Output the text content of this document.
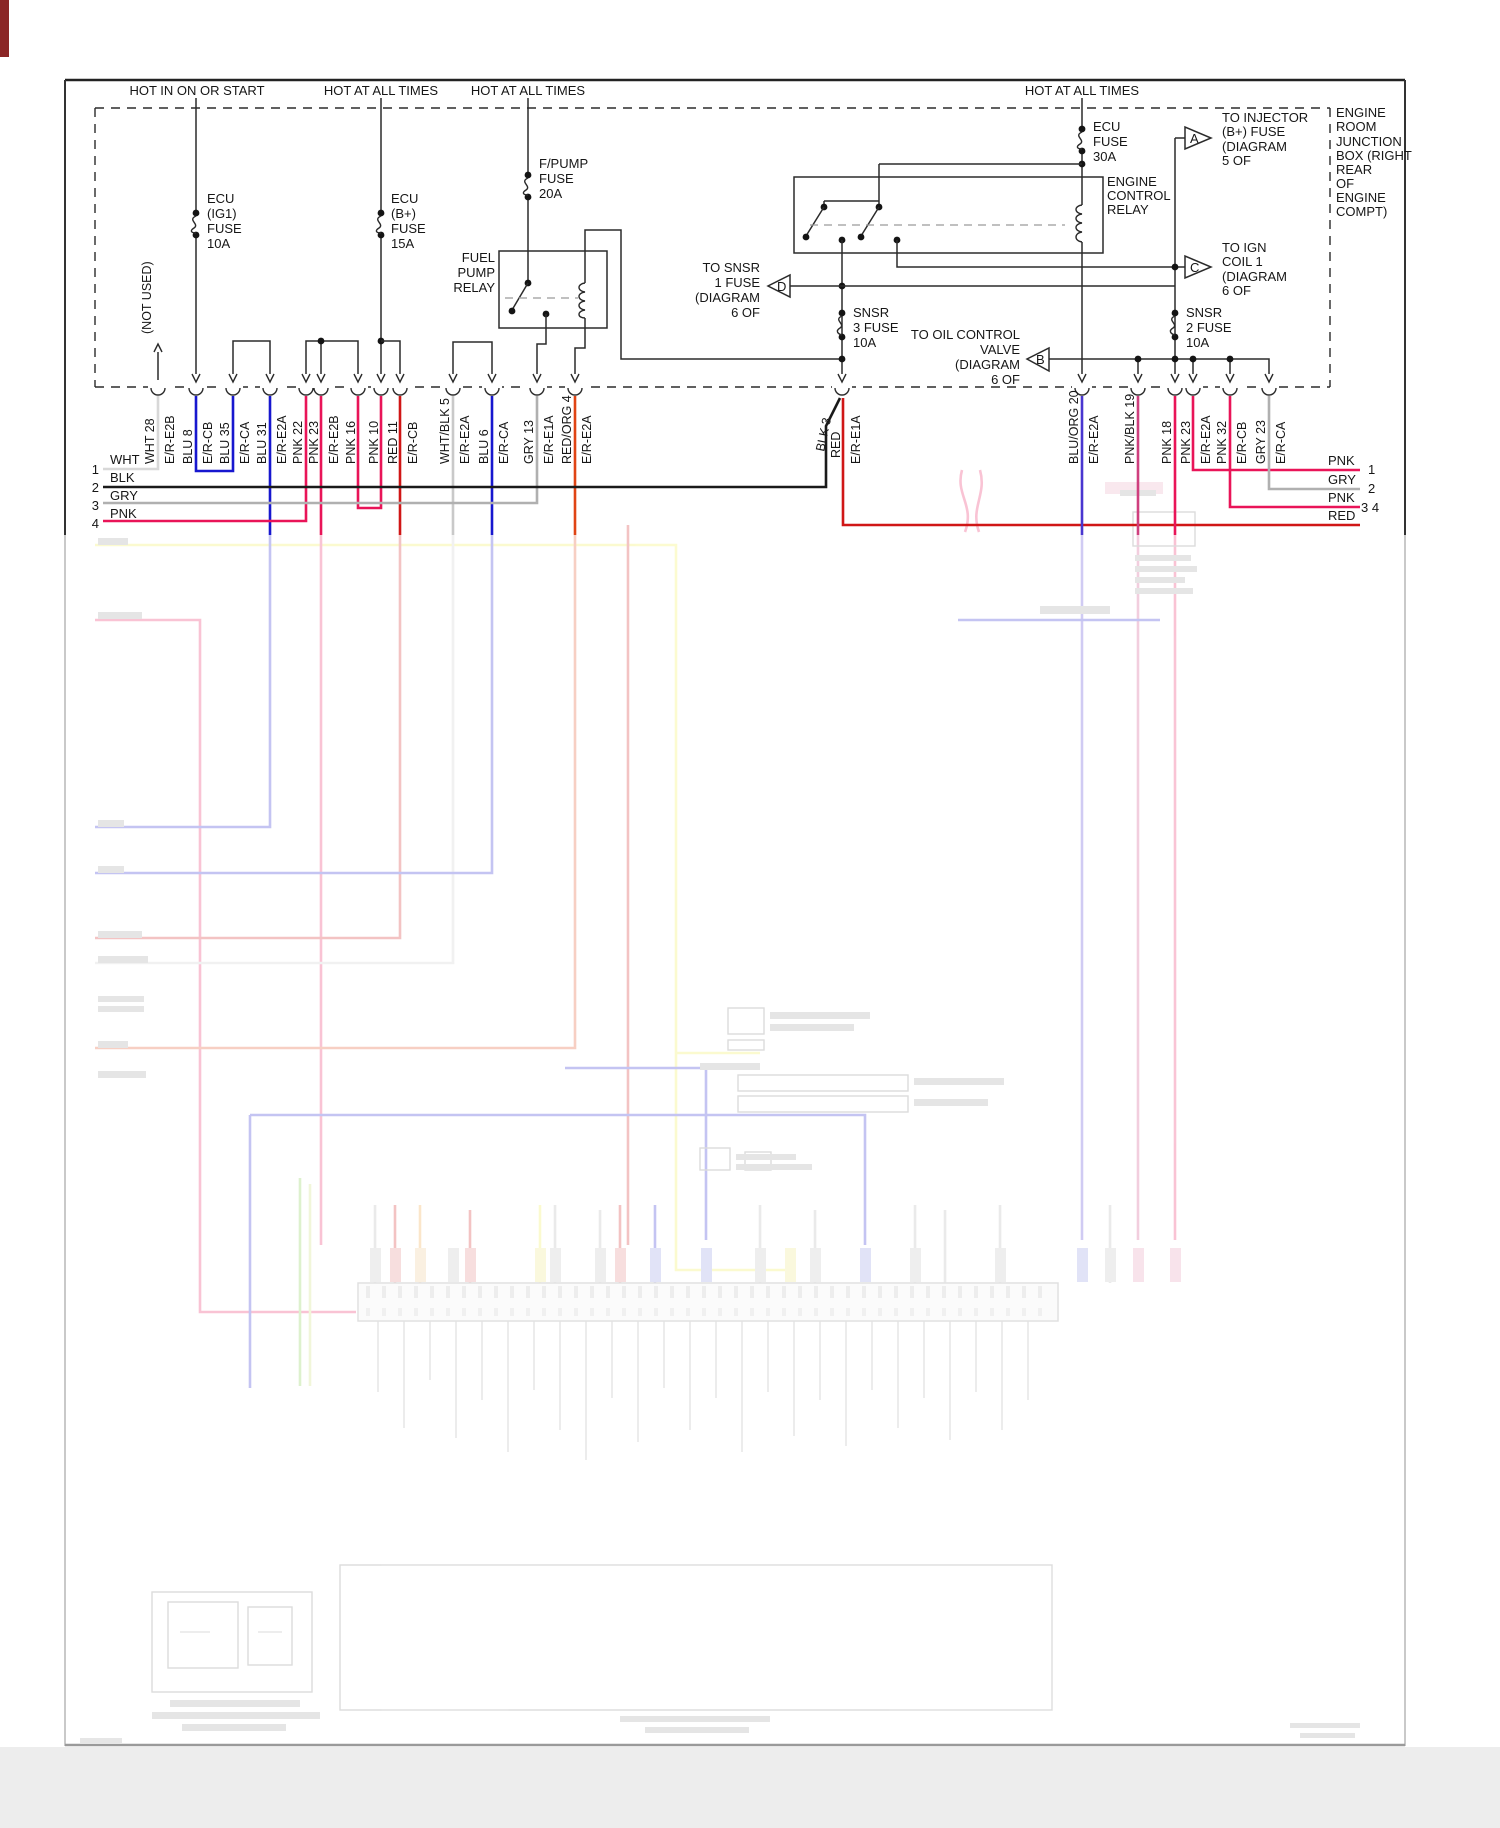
HOT IN ON OR START	HOT AT ALL TIMES	HOT AT ALL TIMES	HOT AT ALL TIMES
ENGINE
ROOM
JUNCTION
BOX (RIGHT
REAR
OF
ENGINE
COMPT)
ECU
(IG1)
FUSE
10A
ECU
(B+)
FUSE
15A
F/PUMP
FUSE
20A
FUEL
PUMP
RELAY
ECU
FUSE
30A
ENGINE
CONTROL
RELAY
SNSR
3 FUSE
10A
SNSR
2 FUSE
10A
A
TO INJECTOR
(B+) FUSE
(DIAGRAM
5 OF
C
TO IGN
COIL 1
(DIAGRAM
6 OF
D
TO SNSR
1 FUSE
(DIAGRAM
6 OF
B
TO OIL CONTROL
VALVE
(DIAGRAM
6 OF
(NOT USED)
WHT 28 E/R-E2B BLU 8 E/R-CB BLU 35 E/R-CA BLU 31 E/R-E2A PNK 22 PNK 23 E/R-E2B PNK 16 PNK 10 RED 11 E/R-CB WHT/BLK 5 E/R-E2A BLU 6 E/R-CA GRY 13 E/R-E1A RED/ORG 4 E/R-E2A	BLK 3
RED E/R-E1A	BLU/ORG 20 E/R-E2A PNK/BLK 19 PNK 18 PNK 23 E/R-E2A PNK 32 E/R-CB GRY 23 E/R-CA
1
WHT
2
BLK
3
GRY
4
PNK
PNK
1
GRY
2
PNK
3 4
RED
